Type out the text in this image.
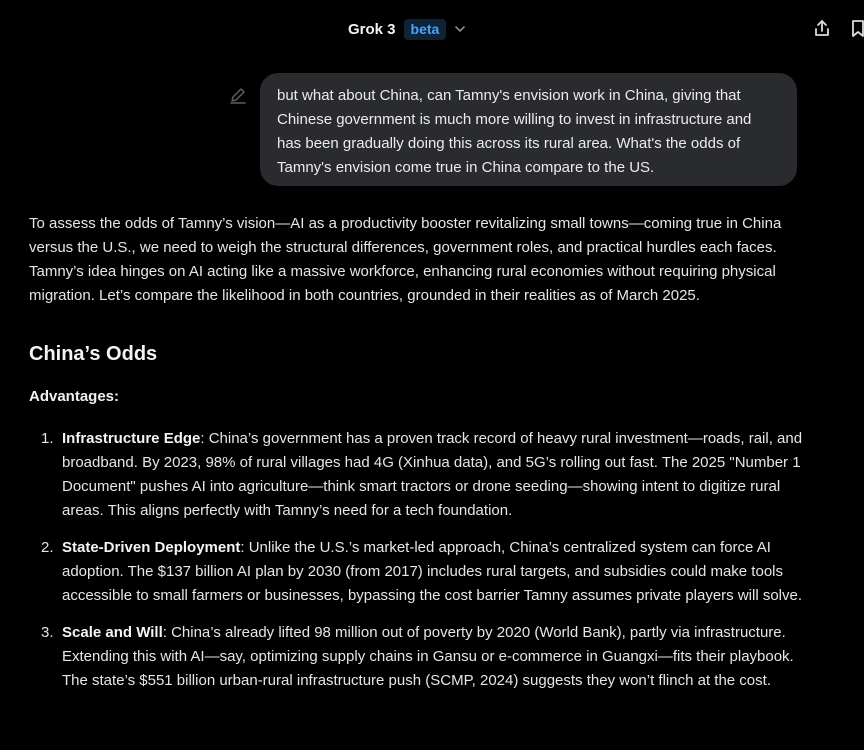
Grok 3	beta
but what about China, can Tamny's envision work in China, giving that Chinese government is much more willing to invest in infrastructure and has been gradually doing this across its rural area. What's the odds of Tamny's envision come true in China compare to the US.

To assess the odds of Tamny’s vision—AI as a productivity booster revitalizing small towns—coming true in China versus the U.S., we need to weigh the structural differences, government roles, and practical hurdles each faces. Tamny’s idea hinges on AI acting like a massive workforce, enhancing rural economies without requiring physical migration. Let’s compare the likelihood in both countries, grounded in their realities as of March 2025.

China’s Odds

Advantages:

1. Infrastructure Edge: China’s government has a proven track record of heavy rural investment—roads, rail, and broadband. By 2023, 98% of rural villages had 4G (Xinhua data), and 5G’s rolling out fast. The 2025 "Number 1 Document" pushes AI into agriculture—think smart tractors or drone seeding—showing intent to digitize rural areas. This aligns perfectly with Tamny’s need for a tech foundation.
2. State-Driven Deployment: Unlike the U.S.’s market-led approach, China’s centralized system can force AI adoption. The $137 billion AI plan by 2030 (from 2017) includes rural targets, and subsidies could make tools accessible to small farmers or businesses, bypassing the cost barrier Tamny assumes private players will solve.
3. Scale and Will: China’s already lifted 98 million out of poverty by 2020 (World Bank), partly via infrastructure. Extending this with AI—say, optimizing supply chains in Gansu or e-commerce in Guangxi—fits their playbook. The state’s $551 billion urban-rural infrastructure push (SCMP, 2024) suggests they won’t flinch at the cost.
